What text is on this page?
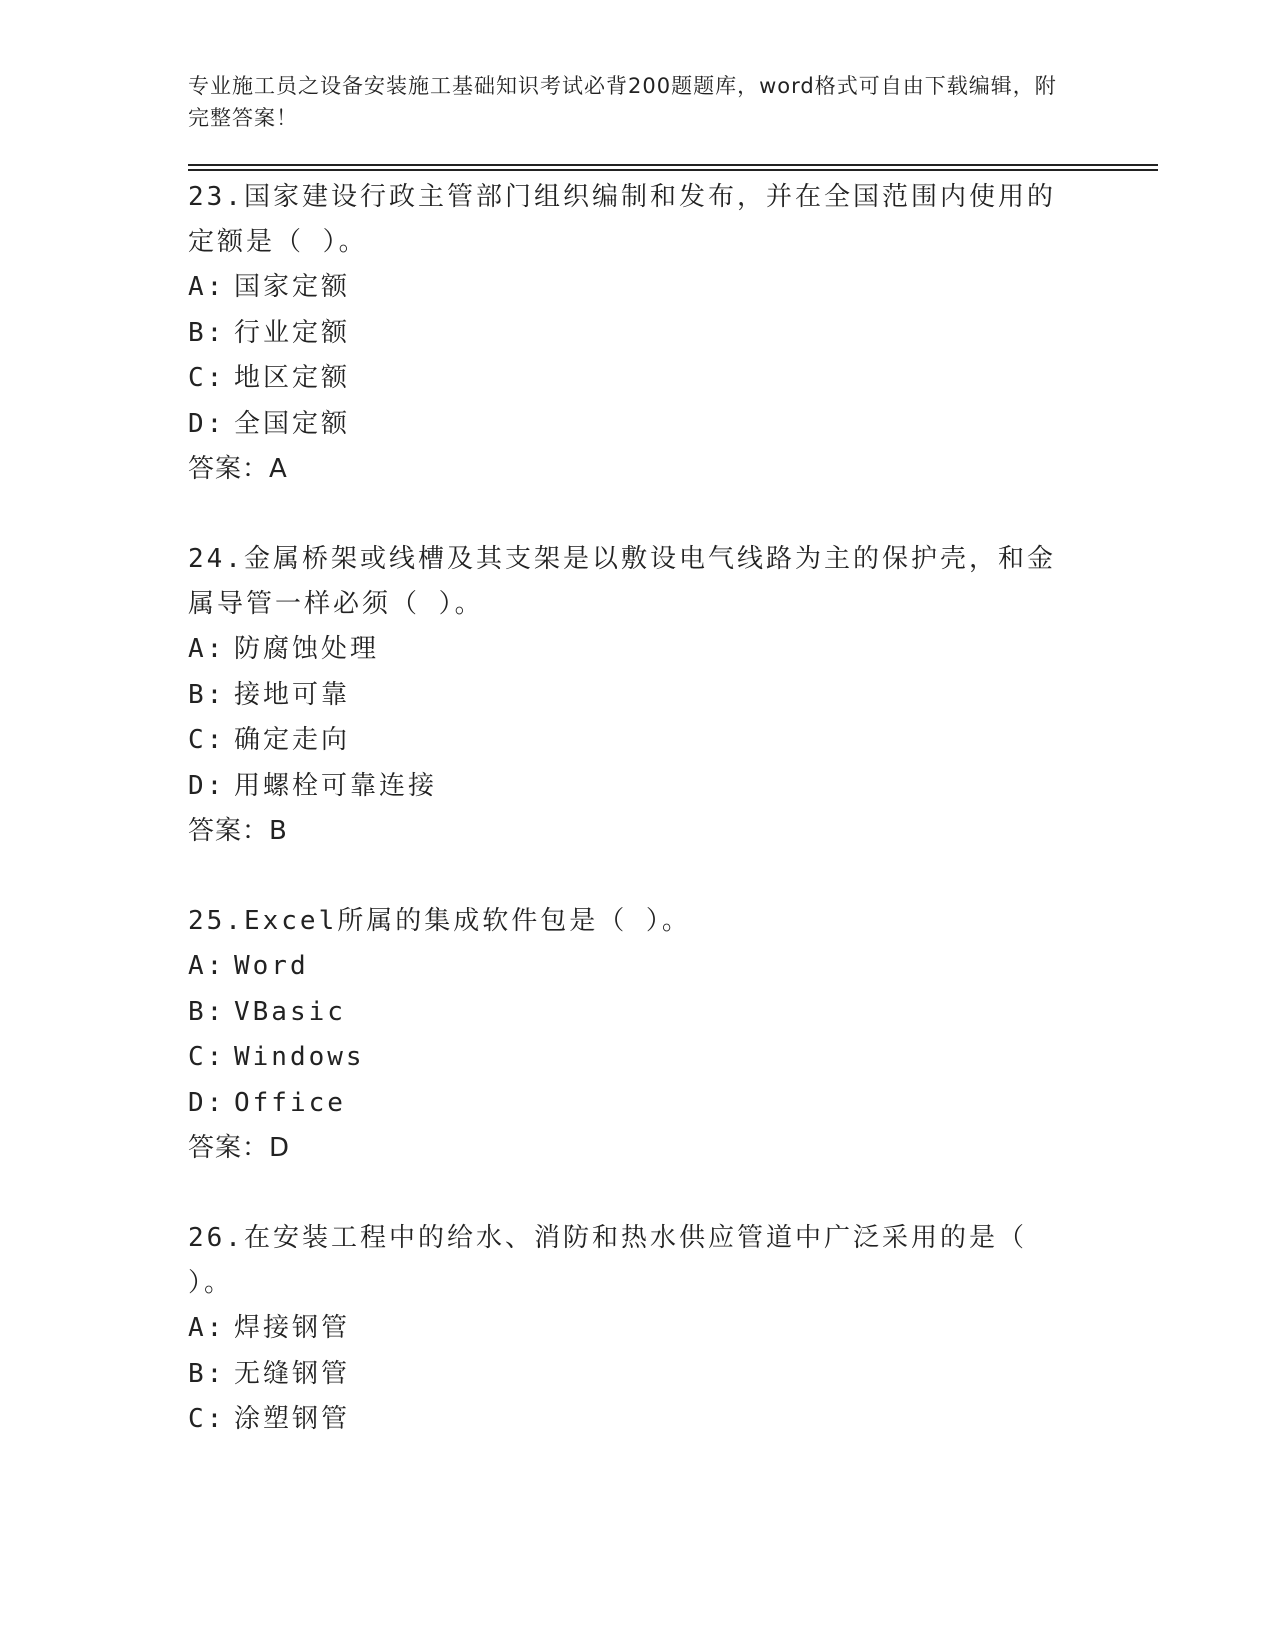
专业施工员之设备安装施工基础知识考试必背200题题库，word格式可自由下载编辑，附完整答案！
23.国家建设行政主管部门组织编制和发布，并在全国范围内使用的定额是（ ）。
A: 国家定额
B: 行业定额
C: 地区定额
D: 全国定额
答案：A
24.金属桥架或线槽及其支架是以敷设电气线路为主的保护壳，和金属导管一样必须（ ）。
A: 防腐蚀处理
B: 接地可靠
C: 确定走向
D: 用螺栓可靠连接
答案：B
25.Excel所属的集成软件包是（ ）。
A: Word
B: VBasic
C: Windows
D: Office
答案：D
26.在安装工程中的给水、消防和热水供应管道中广泛采用的是（ ）。
A: 焊接钢管
B: 无缝钢管
C: 涂塑钢管
